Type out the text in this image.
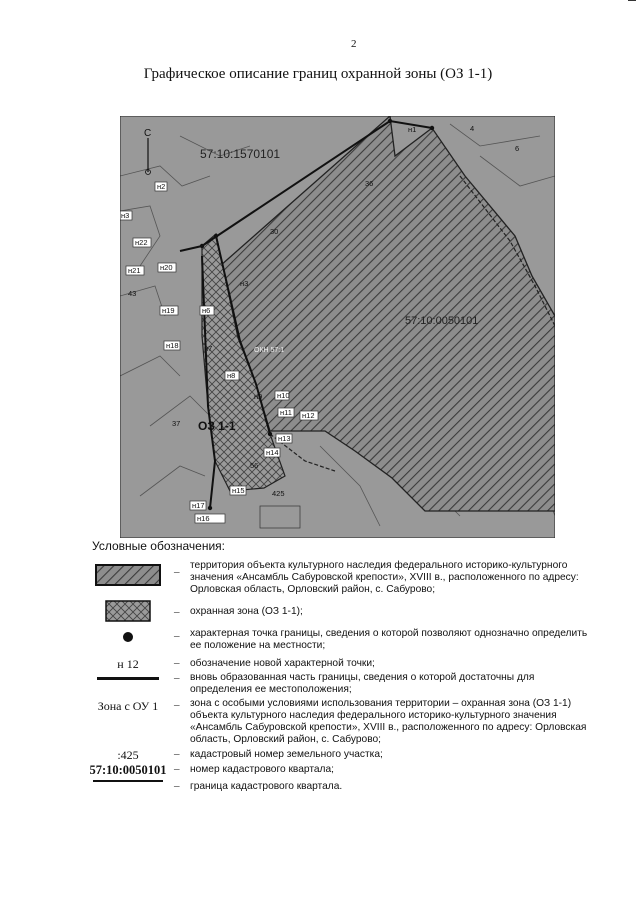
2
Графическое описание границ охранной зоны (ОЗ 1-1)
н2
н3
н22
н21	н20
н19
н18
н6
н8
н10
н11 н12
н13
н14
н15
н17
н16
н9
н7
н3
н1
37
56
425
36
4
6
43
30
57:10:1570101
57:10:0050101
ОЗ 1-1
ОКН 57:1
С
Условные обозначения:
–
территория объекта культурного наследия федерального историко-культурного значения «Ансамбль Сабуровской крепости», XVIII в., расположенного по адресу: Орловская область, Орловский район, с. Сабурово;
– охранная зона (ОЗ 1-1);
– характерная точка границы, сведения о которой позволяют однозначно определить ее положение на местности;
н 12	– обозначение новой характерной точки;
– вновь образованная часть границы, сведения о которой достаточны для определения ее местоположения;
Зона с ОУ 1	– зона с особыми условиями использования территории – охранная зона (ОЗ 1-1) объекта культурного наследия федерального историко-культурного значения «Ансамбль Сабуровской крепости», XVIII в., расположенного по адресу: Орловская область, Орловский район, с. Сабурово;
:425	– кадастровый номер земельного участка;
57:10:0050101 – номер кадастрового квартала;
– граница кадастрового квартала.
